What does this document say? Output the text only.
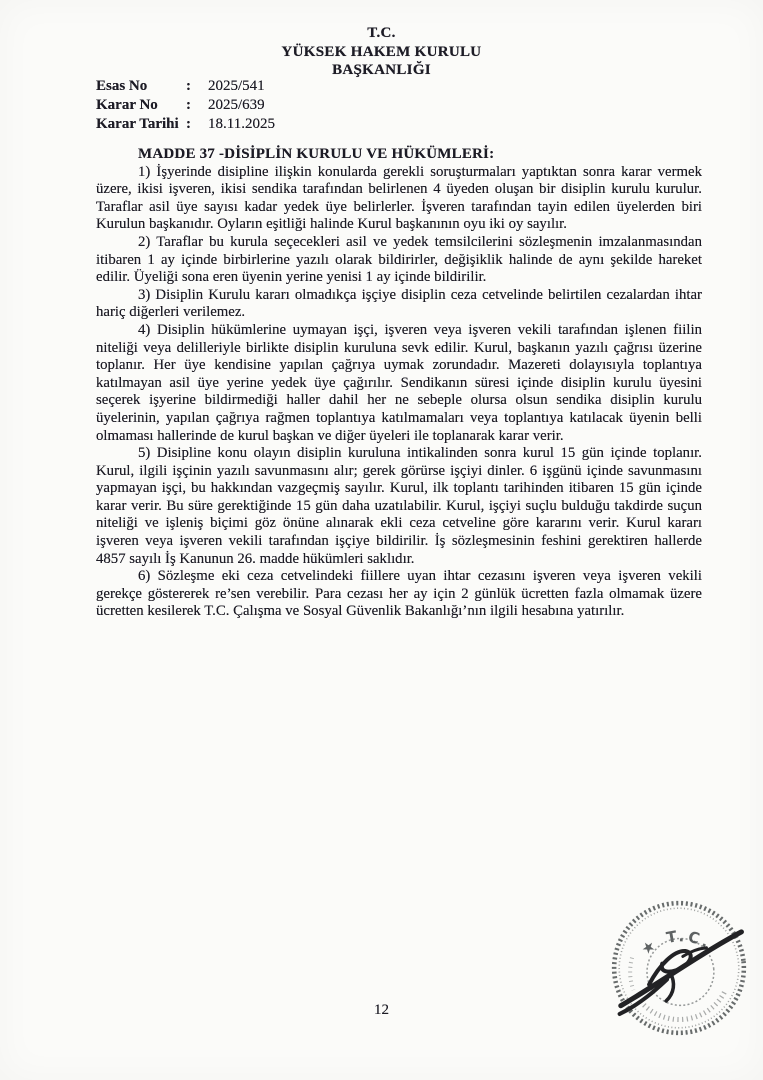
T.C.
YÜKSEK HAKEM KURULU
BAŞKANLIĞI
Esas No	:	2025/541
Karar No	:	2025/639
Karar Tarihi :	18.11.2025
MADDE 37 -DİSİPLİN KURULU VE HÜKÜMLERİ:

1) İşyerinde disipline ilişkin konularda gerekli soruşturmaları yaptıktan sonra karar vermek üzere, ikisi işveren, ikisi sendika tarafından belirlenen 4 üyeden oluşan bir disiplin kurulu kurulur. Taraflar asil üye sayısı kadar yedek üye belirlerler. İşveren tarafından tayin edilen üyelerden biri Kurulun başkanıdır. Oyların eşitliği halinde Kurul başkanının oyu iki oy sayılır.

2) Taraflar bu kurula seçecekleri asil ve yedek temsilcilerini sözleşmenin imzalanmasından itibaren 1 ay içinde birbirlerine yazılı olarak bildirirler, değişiklik halinde de aynı şekilde hareket edilir. Üyeliği sona eren üyenin yerine yenisi 1 ay içinde bildirilir.

3) Disiplin Kurulu kararı olmadıkça işçiye disiplin ceza cetvelinde belirtilen cezalardan ihtar hariç diğerleri verilemez.

4) Disiplin hükümlerine uymayan işçi, işveren veya işveren vekili tarafından işlenen fiilin niteliği veya delilleriyle birlikte disiplin kuruluna sevk edilir. Kurul, başkanın yazılı çağrısı üzerine toplanır. Her üye kendisine yapılan çağrıya uymak zorundadır. Mazereti dolayısıyla toplantıya katılmayan asil üye yerine yedek üye çağırılır. Sendikanın süresi içinde disiplin kurulu üyesini seçerek işyerine bildirmediği haller dahil her ne sebeple olursa olsun sendika disiplin kurulu üyelerinin, yapılan çağrıya rağmen toplantıya katılmamaları veya toplantıya katılacak üyenin belli olmaması hallerinde de kurul başkan ve diğer üyeleri ile toplanarak karar verir.

5) Disipline konu olayın disiplin kuruluna intikalinden sonra kurul 15 gün içinde toplanır. Kurul, ilgili işçinin yazılı savunmasını alır; gerek görürse işçiyi dinler. 6 işgünü içinde savunmasını yapmayan işçi, bu hakkından vazgeçmiş sayılır. Kurul, ilk toplantı tarihinden itibaren 15 gün içinde karar verir. Bu süre gerektiğinde 15 gün daha uzatılabilir. Kurul, işçiyi suçlu bulduğu takdirde suçun niteliği ve işleniş biçimi göz önüne alınarak ekli ceza cetveline göre kararını verir. Kurul kararı işveren veya işveren vekili tarafından işçiye bildirilir. İş sözleşmesinin feshini gerektiren hallerde 4857 sayılı İş Kanunun 26. madde hükümleri saklıdır.

6) Sözleşme eki ceza cetvelindeki fiillere uyan ihtar cezasını işveren veya işveren vekili gerekçe göstererek re’sen verebilir. Para cezası her ay için 2 günlük ücretten fazla olmamak üzere ücretten kesilerek T.C. Çalışma ve Sosyal Güvenlik Bakanlığı’nın ilgili hesabına yatırılır.

★ T.C.
12
